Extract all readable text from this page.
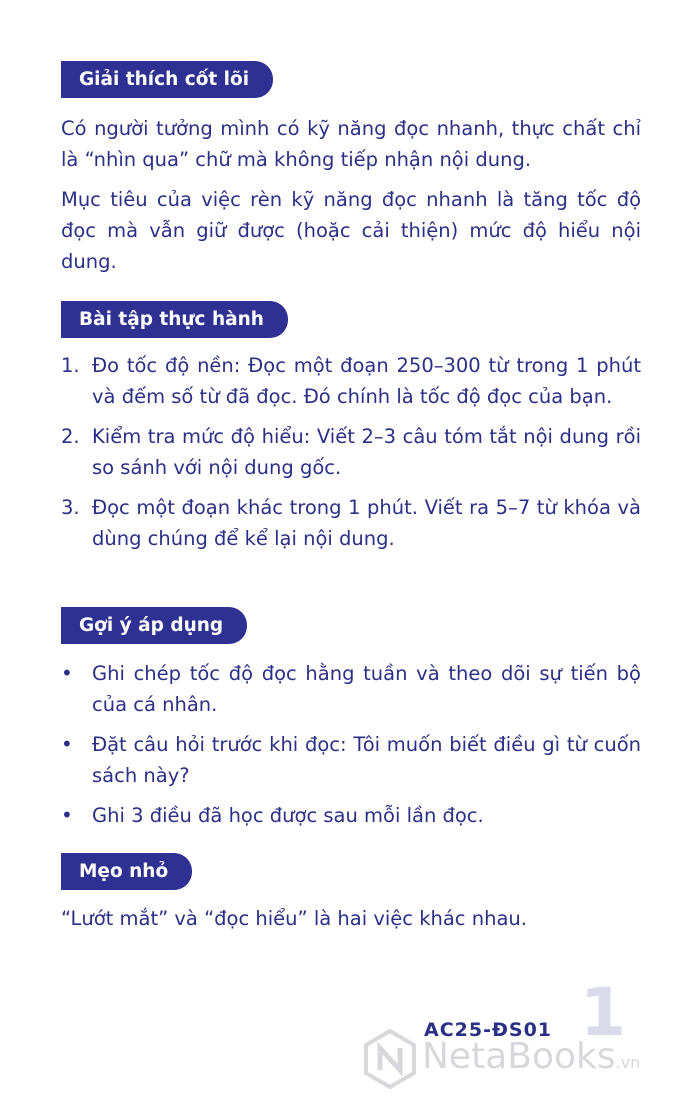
Giải thích cốt lõi
Có người tưởng mình có kỹ năng đọc nhanh, thực chất chỉ là “nhìn qua” chữ mà không tiếp nhận nội dung.
Mục tiêu của việc rèn kỹ năng đọc nhanh là tăng tốc độ đọc mà vẫn giữ được (hoặc cải thiện) mức độ hiểu nội dung.
Bài tập thực hành
1. Đo tốc độ nền: Đọc một đoạn 250–300 từ trong 1 phút và đếm số từ đã đọc. Đó chính là tốc độ đọc của bạn.
2. Kiểm tra mức độ hiểu: Viết 2–3 câu tóm tắt nội dung rồi so sánh với nội dung gốc.
3. Đọc một đoạn khác trong 1 phút. Viết ra 5–7 từ khóa và dùng chúng để kể lại nội dung.
Gợi ý áp dụng
• Ghi chép tốc độ đọc hằng tuần và theo dõi sự tiến bộ của cá nhân.
• Đặt câu hỏi trước khi đọc: Tôi muốn biết điều gì từ cuốn sách này?
• Ghi 3 điều đã học được sau mỗi lần đọc.
Mẹo nhỏ
“Lướt mắt” và “đọc hiểu” là hai việc khác nhau.
1
AC25-ĐS01
NetaBooks.vn
